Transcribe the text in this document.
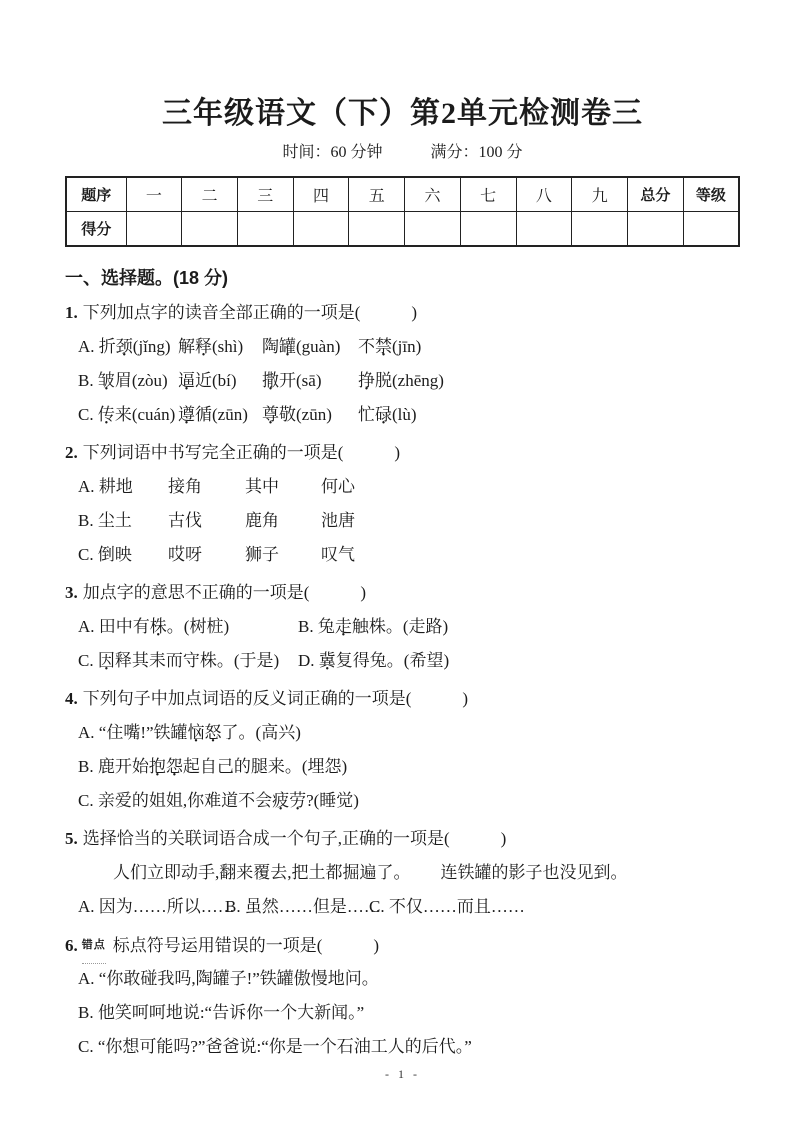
三年级语文（下）第2单元检测卷三
时间：60 分钟　　　满分：100 分
题序	一	二	三	四	五	六	七	八	九	总分	等级
得分											
一、选择题。(18 分)
1. 下列加点字的读音全部正确的一项是(　　　)
A. 折颈(jǐng) 解释(shì)	陶罐(guàn)	不禁(jīn)
B. 皱眉(zòu) 逼近(bí)	撒开(sā)	挣脱(zhēng)
C. 传来(cuán) 遵循(zūn) 尊敬(zūn)	忙碌(lù)
2. 下列词语中书写完全正确的一项是(　　　)
A. 耕地	接角	其中	何心
B. 尘土	古伐	鹿角	池唐
C. 倒映	哎呀	狮子	叹气
3. 加点字的意思不正确的一项是(　　　)
A. 田中有株。(树桩)	B. 兔走触株。(走路)
C. 因释其耒而守株。(于是)	D. 冀复得兔。(希望)
4. 下列句子中加点词语的反义词正确的一项是(　　　)
A. “住嘴!”铁罐恼怒了。(高兴)
B. 鹿开始抱怨起自己的腿来。(埋怨)
C. 亲爱的姐姐,你难道不会疲劳?(睡觉)
5. 选择恰当的关联词语合成一个句子,正确的一项是(　　　)
人们立即动手,翻来覆去,把土都掘遍了。 连铁罐的影子也没见到。
A. 因为……所以……
B. 虽然……但是……
C. 不仅……而且……
6. 错点 标点符号运用错误的一项是(　　　)
A. “你敢碰我吗,陶罐子!”铁罐傲慢地问。
B. 他笑呵呵地说:“告诉你一个大新闻。”
C. “你想可能吗?”爸爸说:“你是一个石油工人的后代。”
- 1 -
